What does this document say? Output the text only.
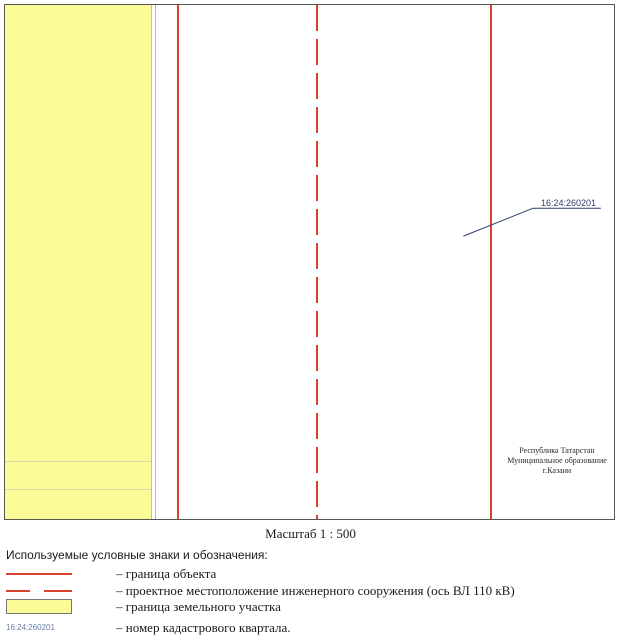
16:24:260201
Республика Татарстан
Муниципальное образование
г.Казани
Масштаб 1 : 500
Используемые условные знаки и обозначения:
– граница объекта
– проектное местоположение инженерного сооружения (ось ВЛ 110 кВ)
– граница земельного участка
16:24:260201	– номер кадастрового квартала.
